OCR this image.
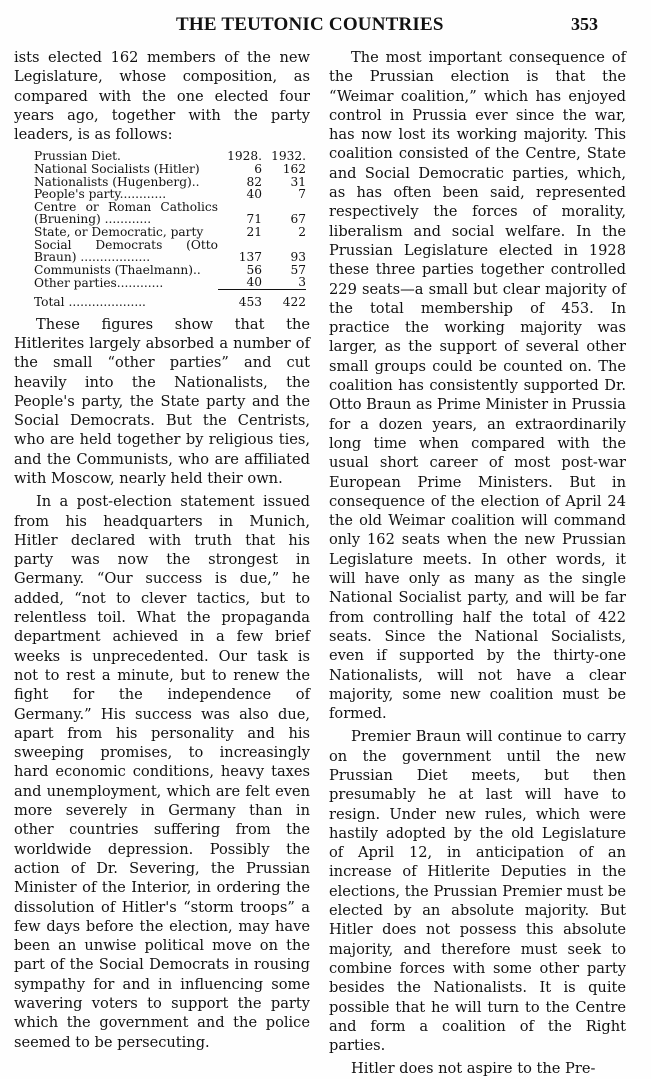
THE TEUTONIC COUNTRIES	353

ists elected 162 members of the new Legislature, whose composition, as compared with the one elected four years ago, together with the party leaders, is as follows:

Prussian Diet.	1928.	1932.
National Socialists (Hitler)	6	162
Nationalists (Hugenberg)..	82	31
People's party............	40	7
Centre or Roman Catholics (Bruening) ............	71	67
State, or Democratic, party	21	2
Social Democrats (Otto Braun) ..................	137	93
Communists (Thaelmann)..	56	57
Other parties............	40	3
Total ....................	453	422

These figures show that the Hitlerites largely absorbed a number of the small “other parties” and cut heavily into the Nationalists, the People's party, the State party and the Social Democrats. But the Centrists, who are held together by religious ties, and the Communists, who are affiliated with Moscow, nearly held their own.

In a post-election statement issued from his headquarters in Munich, Hitler declared with truth that his party was now the strongest in Germany. “Our success is due,” he added, “not to clever tactics, but to relentless toil. What the propaganda department achieved in a few brief weeks is unprecedented. Our task is not to rest a minute, but to renew the fight for the independence of Germany.” His success was also due, apart from his personality and his sweeping promises, to increasingly hard economic conditions, heavy taxes and unemployment, which are felt even more severely in Germany than in other countries suffering from the worldwide depression. Possibly the action of Dr. Severing, the Prussian Minister of the Interior, in ordering the dissolution of Hitler's “storm troops” a few days before the election, may have been an unwise political move on the part of the Social Democrats in rousing sympathy for and in influencing some wavering voters to support the party which the government and the police seemed to be persecuting.

The most important consequence of the Prussian election is that the “Weimar coalition,” which has enjoyed control in Prussia ever since the war, has now lost its working majority. This coalition consisted of the Centre, State and Social Democratic parties, which, as has often been said, represented respectively the forces of morality, liberalism and social welfare. In the Prussian Legislature elected in 1928 these three parties together controlled 229 seats—a small but clear majority of the total membership of 453. In practice the working majority was larger, as the support of several other small groups could be counted on. The coalition has consistently supported Dr. Otto Braun as Prime Minister in Prussia for a dozen years, an extraordinarily long time when compared with the usual short career of most post-war European Prime Ministers. But in consequence of the election of April 24 the old Weimar coalition will command only 162 seats when the new Prussian Legislature meets. In other words, it will have only as many as the single National Socialist party, and will be far from controlling half the total of 422 seats. Since the National Socialists, even if supported by the thirty-one Nationalists, will not have a clear majority, some new coalition must be formed.

Premier Braun will continue to carry on the government until the new Prussian Diet meets, but then presumably he at last will have to resign. Under new rules, which were hastily adopted by the old Legislature of April 12, in anticipation of an increase of Hitlerite Deputies in the elections, the Prussian Premier must be elected by an absolute majority. But Hitler does not possess this absolute majority, and therefore must seek to combine forces with some other party besides the Nationalists. It is quite possible that he will turn to the Centre and form a coalition of the Right parties.

Hitler does not aspire to the Pre-
